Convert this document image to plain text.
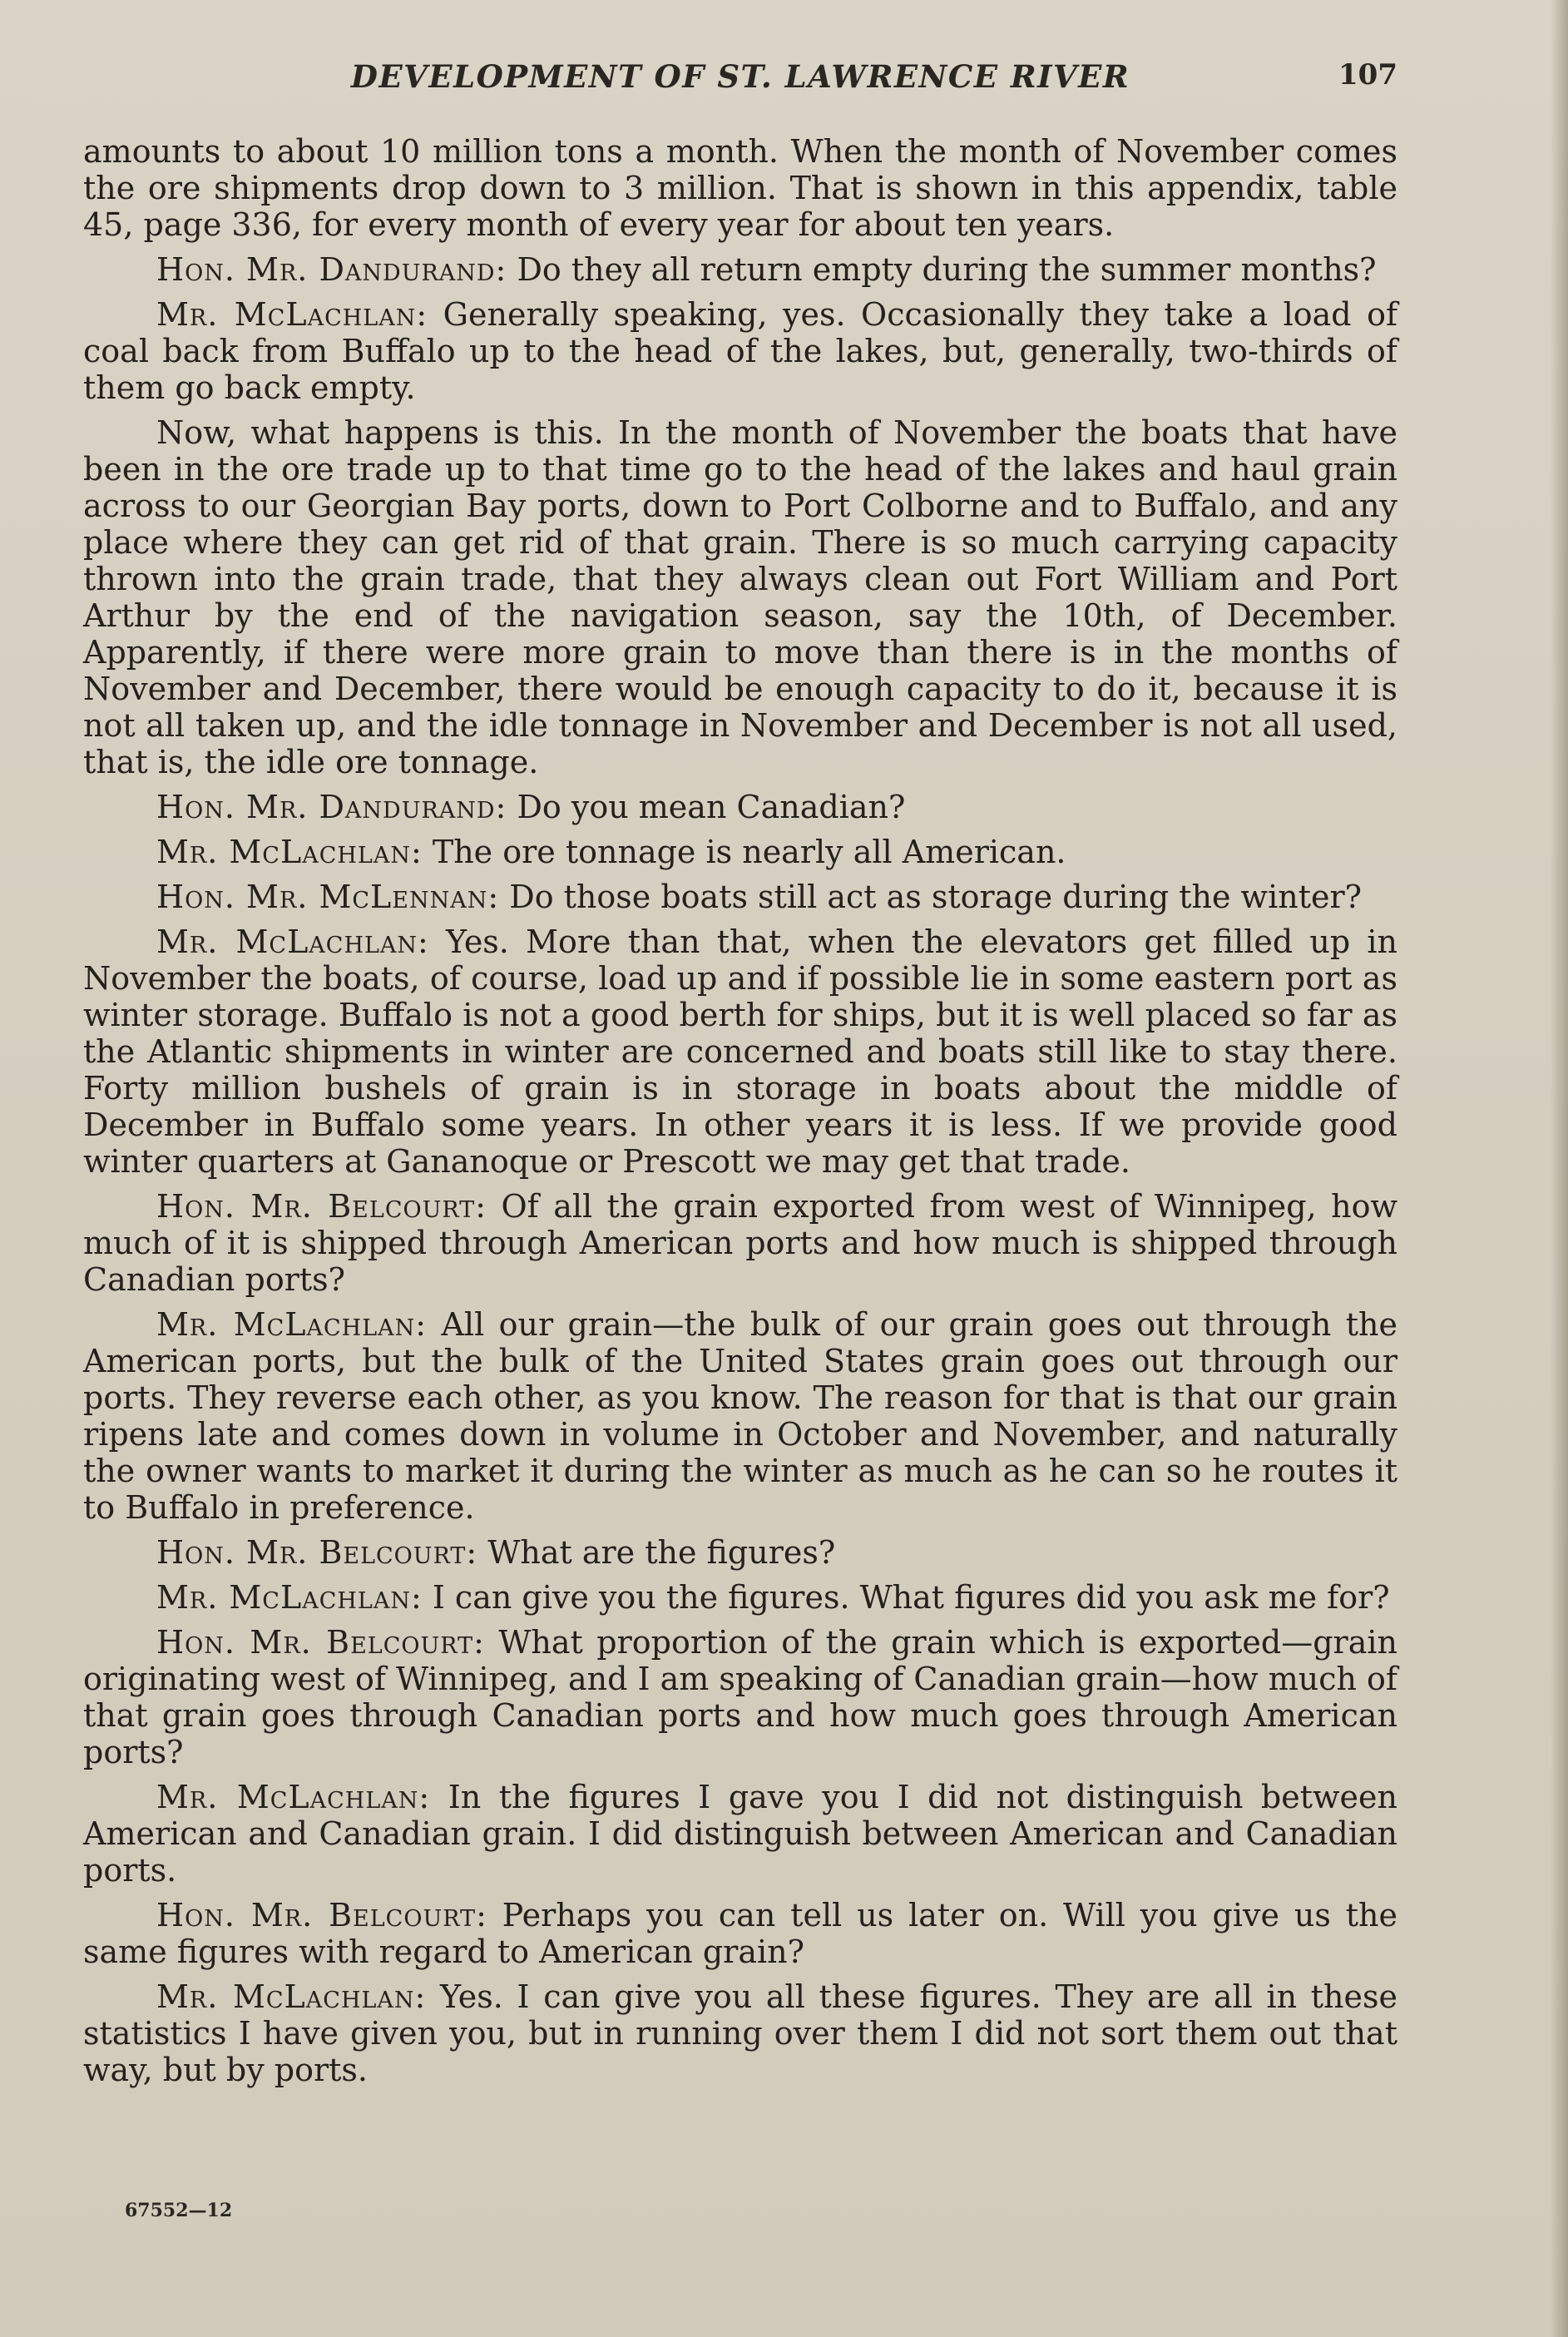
DEVELOPMENT OF ST. LAWRENCE RIVER	107

amounts to about 10 million tons a month. When the month of November comes the ore shipments drop down to 3 million. That is shown in this appendix, table 45, page 336, for every month of every year for about ten years.

Hon. Mr. Dandurand: Do they all return empty during the summer months?

Mr. McLachlan: Generally speaking, yes. Occasionally they take a load of coal back from Buffalo up to the head of the lakes, but, generally, two-thirds of them go back empty.

Now, what happens is this. In the month of November the boats that have been in the ore trade up to that time go to the head of the lakes and haul grain across to our Georgian Bay ports, down to Port Colborne and to Buffalo, and any place where they can get rid of that grain. There is so much carrying capacity thrown into the grain trade, that they always clean out Fort William and Port Arthur by the end of the navigation season, say the 10th, of December. Apparently, if there were more grain to move than there is in the months of November and December, there would be enough capacity to do it, because it is not all taken up, and the idle tonnage in November and December is not all used, that is, the idle ore tonnage.

Hon. Mr. Dandurand: Do you mean Canadian?

Mr. McLachlan: The ore tonnage is nearly all American.

Hon. Mr. McLennan: Do those boats still act as storage during the winter?

Mr. McLachlan: Yes. More than that, when the elevators get filled up in November the boats, of course, load up and if possible lie in some eastern port as winter storage. Buffalo is not a good berth for ships, but it is well placed so far as the Atlantic shipments in winter are concerned and boats still like to stay there. Forty million bushels of grain is in storage in boats about the middle of December in Buffalo some years. In other years it is less. If we provide good winter quarters at Gananoque or Prescott we may get that trade.

Hon. Mr. Belcourt: Of all the grain exported from west of Winnipeg, how much of it is shipped through American ports and how much is shipped through Canadian ports?

Mr. McLachlan: All our grain—the bulk of our grain goes out through the American ports, but the bulk of the United States grain goes out through our ports. They reverse each other, as you know. The reason for that is that our grain ripens late and comes down in volume in October and November, and naturally the owner wants to market it during the winter as much as he can so he routes it to Buffalo in preference.

Hon. Mr. Belcourt: What are the figures?

Mr. McLachlan: I can give you the figures. What figures did you ask me for?

Hon. Mr. Belcourt: What proportion of the grain which is exported—grain originating west of Winnipeg, and I am speaking of Canadian grain—how much of that grain goes through Canadian ports and how much goes through American ports?

Mr. McLachlan: In the figures I gave you I did not distinguish between American and Canadian grain. I did distinguish between American and Canadian ports.

Hon. Mr. Belcourt: Perhaps you can tell us later on. Will you give us the same figures with regard to American grain?

Mr. McLachlan: Yes. I can give you all these figures. They are all in these statistics I have given you, but in running over them I did not sort them out that way, but by ports.

67552—12
